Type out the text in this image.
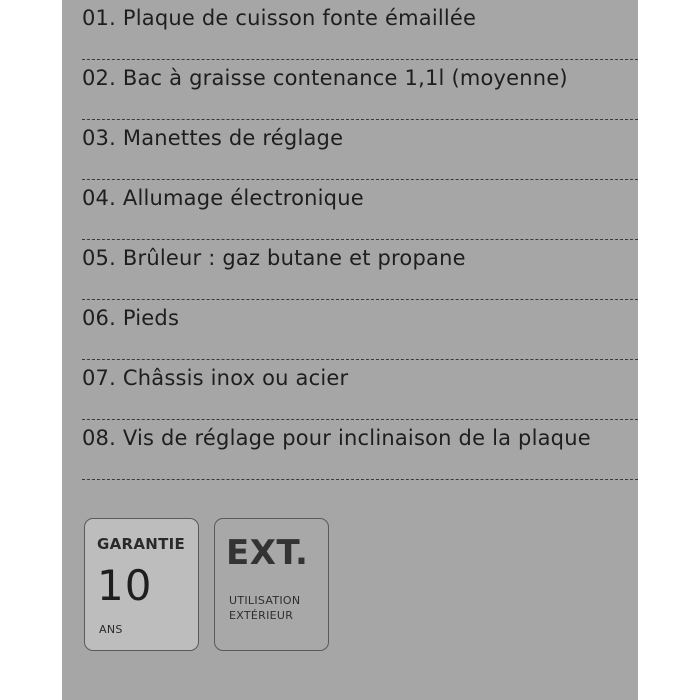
01. Plaque de cuisson fonte émaillée
02. Bac à graisse contenance 1,1l (moyenne)
03. Manettes de réglage
04. Allumage électronique
05. Brûleur : gaz butane et propane
06. Pieds
07. Châssis inox ou acier
08. Vis de réglage pour inclinaison de la plaque
GARANTIE
10
ANS
EXT.
UTILISATION
EXTÉRIEUR
